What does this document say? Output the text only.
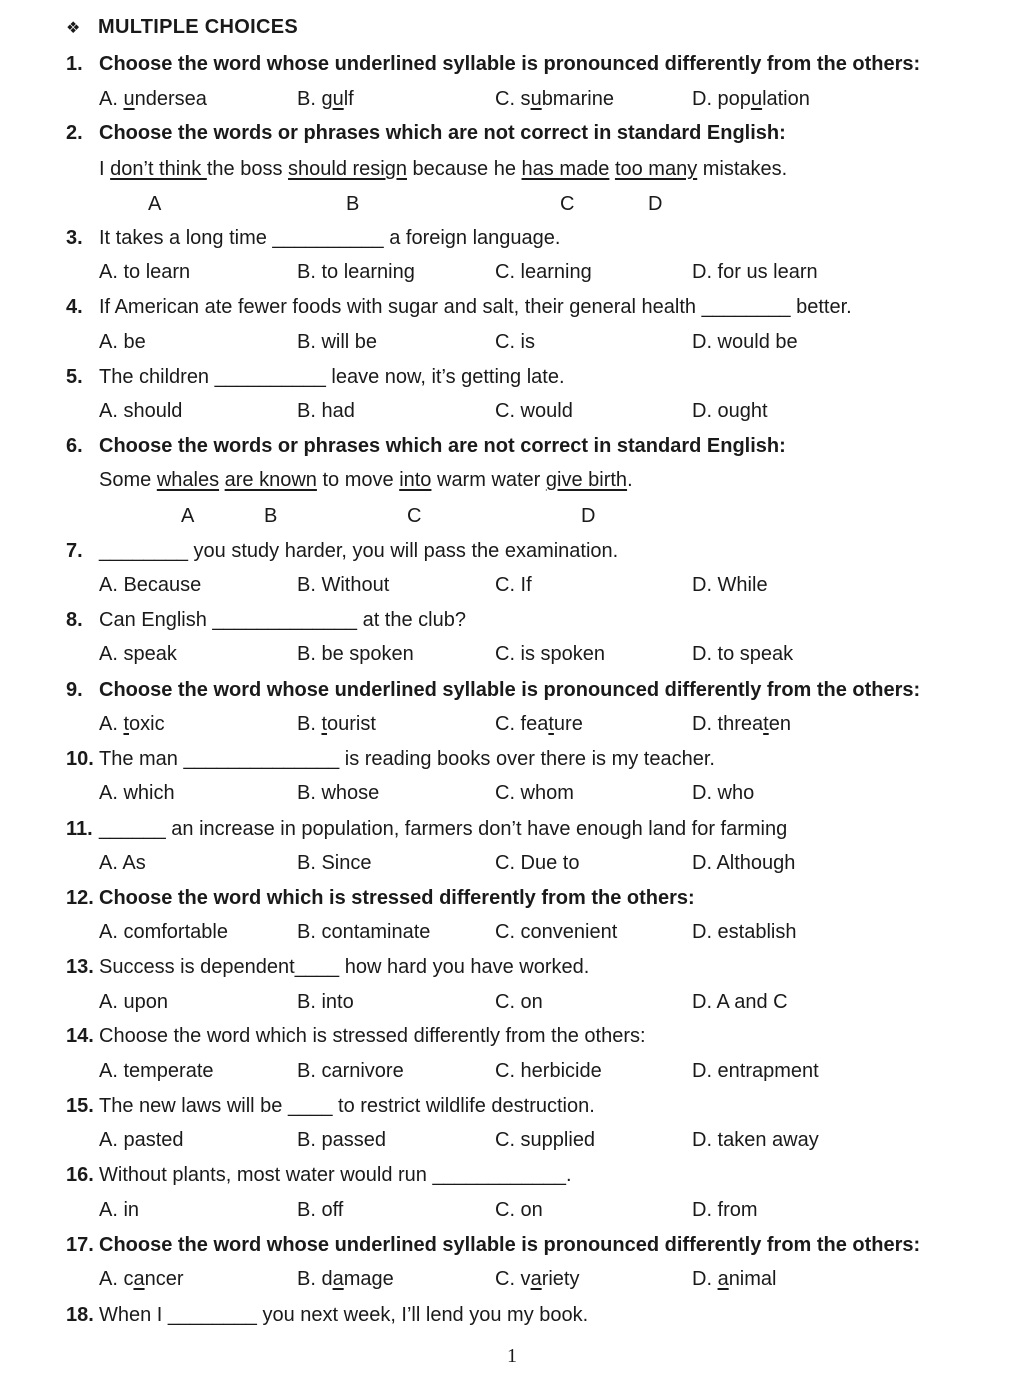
❖ MULTIPLE CHOICES
1. Choose the word whose underlined syllable is pronounced differently from the others:
A. undersea	B. gulf	C. submarine	D. population
2. Choose the words or phrases which are not correct in standard English:
I don’t think the boss should resign because he has made too many mistakes.
A	B	C	D
3. It takes a long time __________ a foreign language.
A. to learn	B. to learning	C. learning	D. for us learn
4. If American ate fewer foods with sugar and salt, their general health ________ better.
A. be	B. will be	C. is	D. would be
5. The children __________ leave now, it’s getting late.
A. should	B. had	C. would	D. ought
6. Choose the words or phrases which are not correct in standard English:
Some whales are known to move into warm water give birth.
A	B	C	D
7. ________ you study harder, you will pass the examination.
A. Because	B. Without	C. If	D. While
8. Can English _____________ at the club?
A. speak	B. be spoken	C. is spoken	D. to speak
9. Choose the word whose underlined syllable is pronounced differently from the others:
A. toxic	B. tourist	C. feature	D. threaten
10. The man ______________ is reading books over there is my teacher.
A. which	B. whose	C. whom	D. who
11. ______ an increase in population, farmers don’t have enough land for farming
A. As	B. Since	C. Due to	D. Although
12. Choose the word which is stressed differently from the others:
A. comfortable	B. contaminate	C. convenient	D. establish
13. Success is dependent____ how hard you have worked.
A. upon	B. into	C. on	D. A and C
14. Choose the word which is stressed differently from the others:
A. temperate	B. carnivore	C. herbicide	D. entrapment
15. The new laws will be ____ to restrict wildlife destruction.
A. pasted	B. passed	C. supplied	D. taken away
16. Without plants, most water would run ____________.
A. in	B. off	C. on	D. from
17. Choose the word whose underlined syllable is pronounced differently from the others:
A. cancer	B. damage	C. variety	D. animal
18. When I ________ you next week, I’ll lend you my book.
1
